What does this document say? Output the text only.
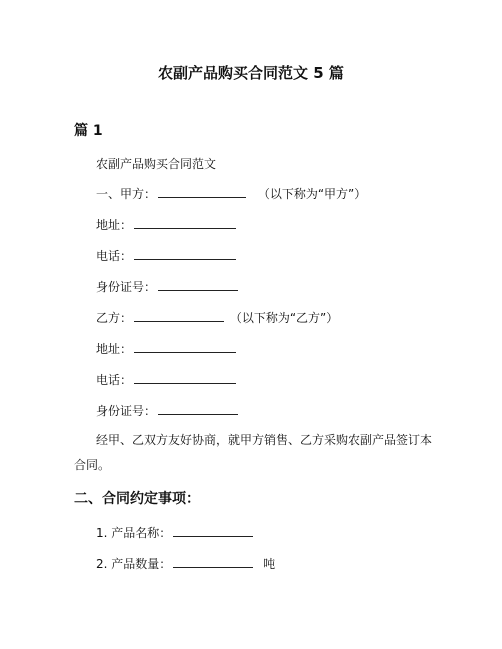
农副产品购买合同范文 5 篇
篇 1
农副产品购买合同范文
一、甲方：	（以下称为“甲方”）
地址：
电话：
身份证号：
乙方：	（以下称为“乙方”）
地址：
电话：
身份证号：
经甲、乙双方友好协商，就甲方销售、乙方采购农副产品签订本合同。
二、合同约定事项：
1. 产品名称：
2. 产品数量：	吨
